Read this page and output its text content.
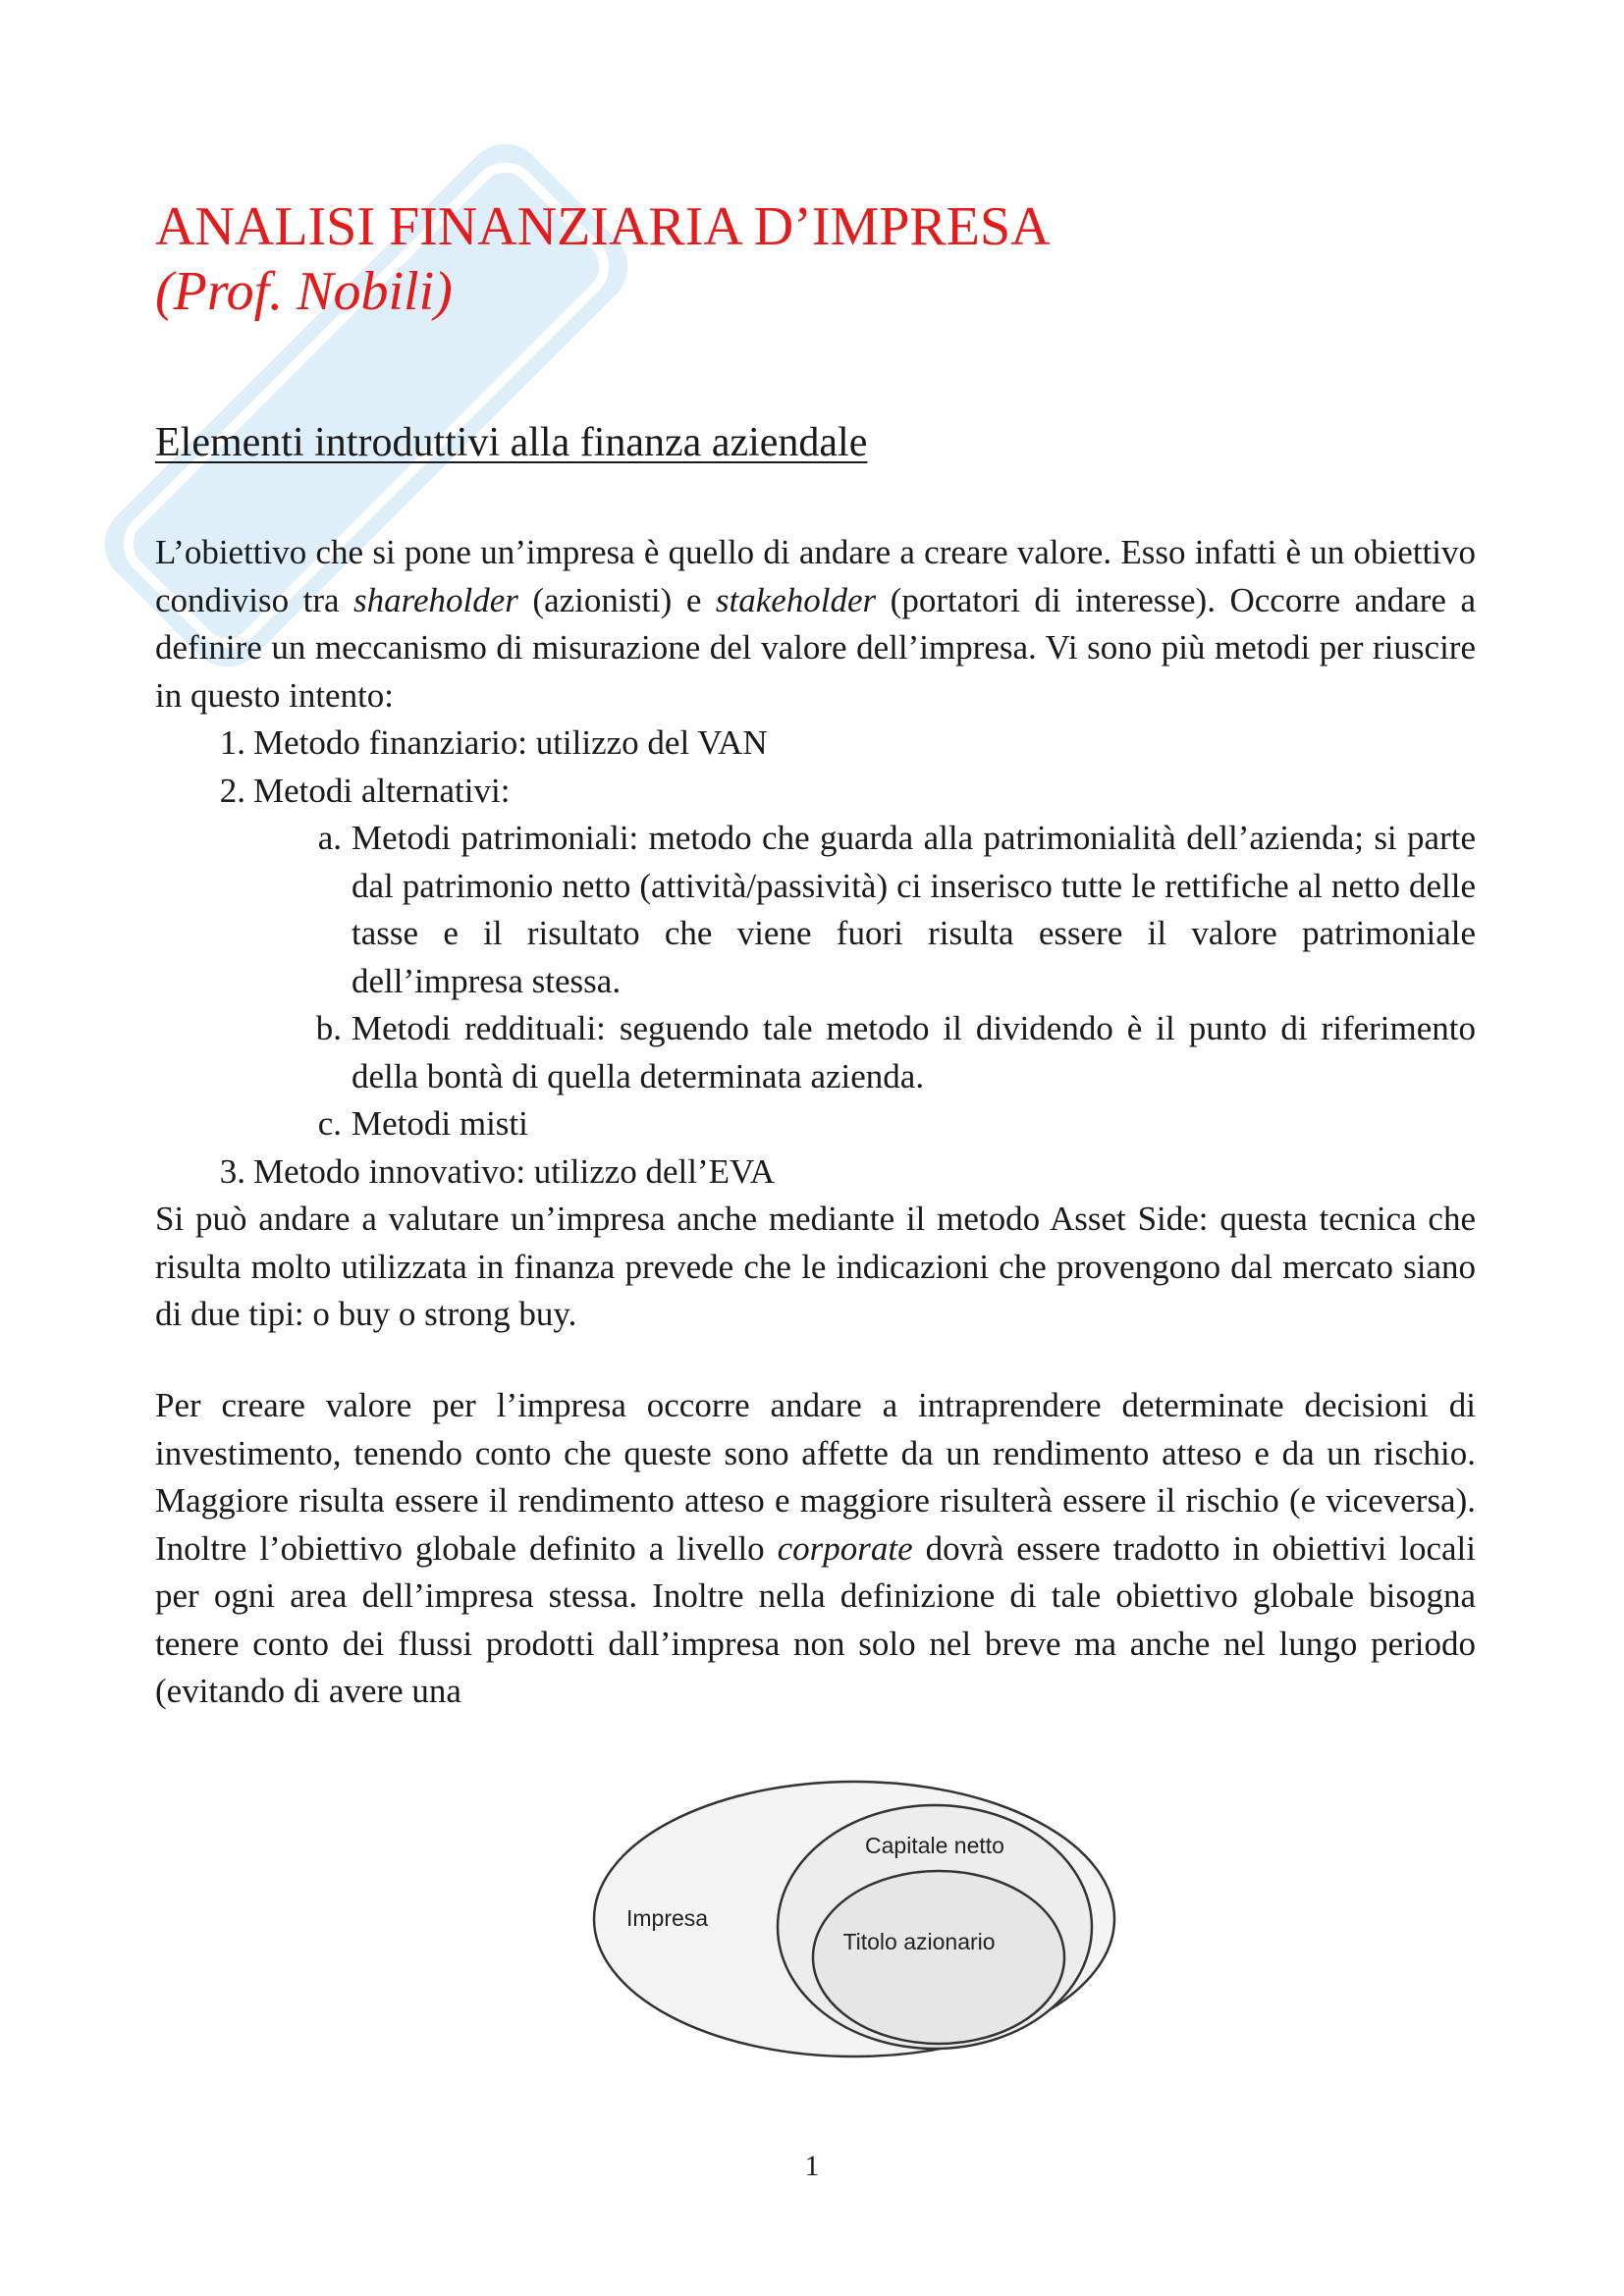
ANALISI FINANZIARIA D’IMPRESA
(Prof. Nobili)
Elementi introduttivi alla finanza aziendale

L’obiettivo che si pone un’impresa è quello di andare a creare valore. Esso infatti è un obiettivo condiviso tra shareholder (azionisti) e stakeholder (portatori di interesse). Occorre andare a definire un meccanismo di misurazione del valore dell’impresa. Vi sono più metodi per riuscire in questo intento:

1. Metodo finanziario: utilizzo del VAN
2. Metodi alternativi:
a. Metodi patrimoniali: metodo che guarda alla patrimonialità dell’azienda; si parte dal patrimonio netto (attività/passività) ci inserisco tutte le rettifiche al netto delle tasse e il risultato che viene fuori risulta essere il valore patrimoniale dell’impresa stessa.
b. Metodi reddituali: seguendo tale metodo il dividendo è il punto di riferimento della bontà di quella determinata azienda.
c. Metodi misti
3. Metodo innovativo: utilizzo dell’EVA

Si può andare a valutare un’impresa anche mediante il metodo Asset Side: questa tecnica che risulta molto utilizzata in finanza prevede che le indicazioni che provengono dal mercato siano di due tipi: o buy o strong buy.

Per creare valore per l’impresa occorre andare a intraprendere determinate decisioni di investimento, tenendo conto che queste sono affette da un rendimento atteso e da un rischio. Maggiore risulta essere il rendimento atteso e maggiore risulterà essere il rischio (e viceversa). Inoltre l’obiettivo globale definito a livello corporate dovrà essere tradotto in obiettivi locali per ogni area dell’impresa stessa. Inoltre nella definizione di tale obiettivo globale bisogna tenere conto dei flussi prodotti dall’impresa non solo nel breve ma anche nel lungo periodo (evitando di avere una

Impresa
Capitale netto
Titolo azionario
1
